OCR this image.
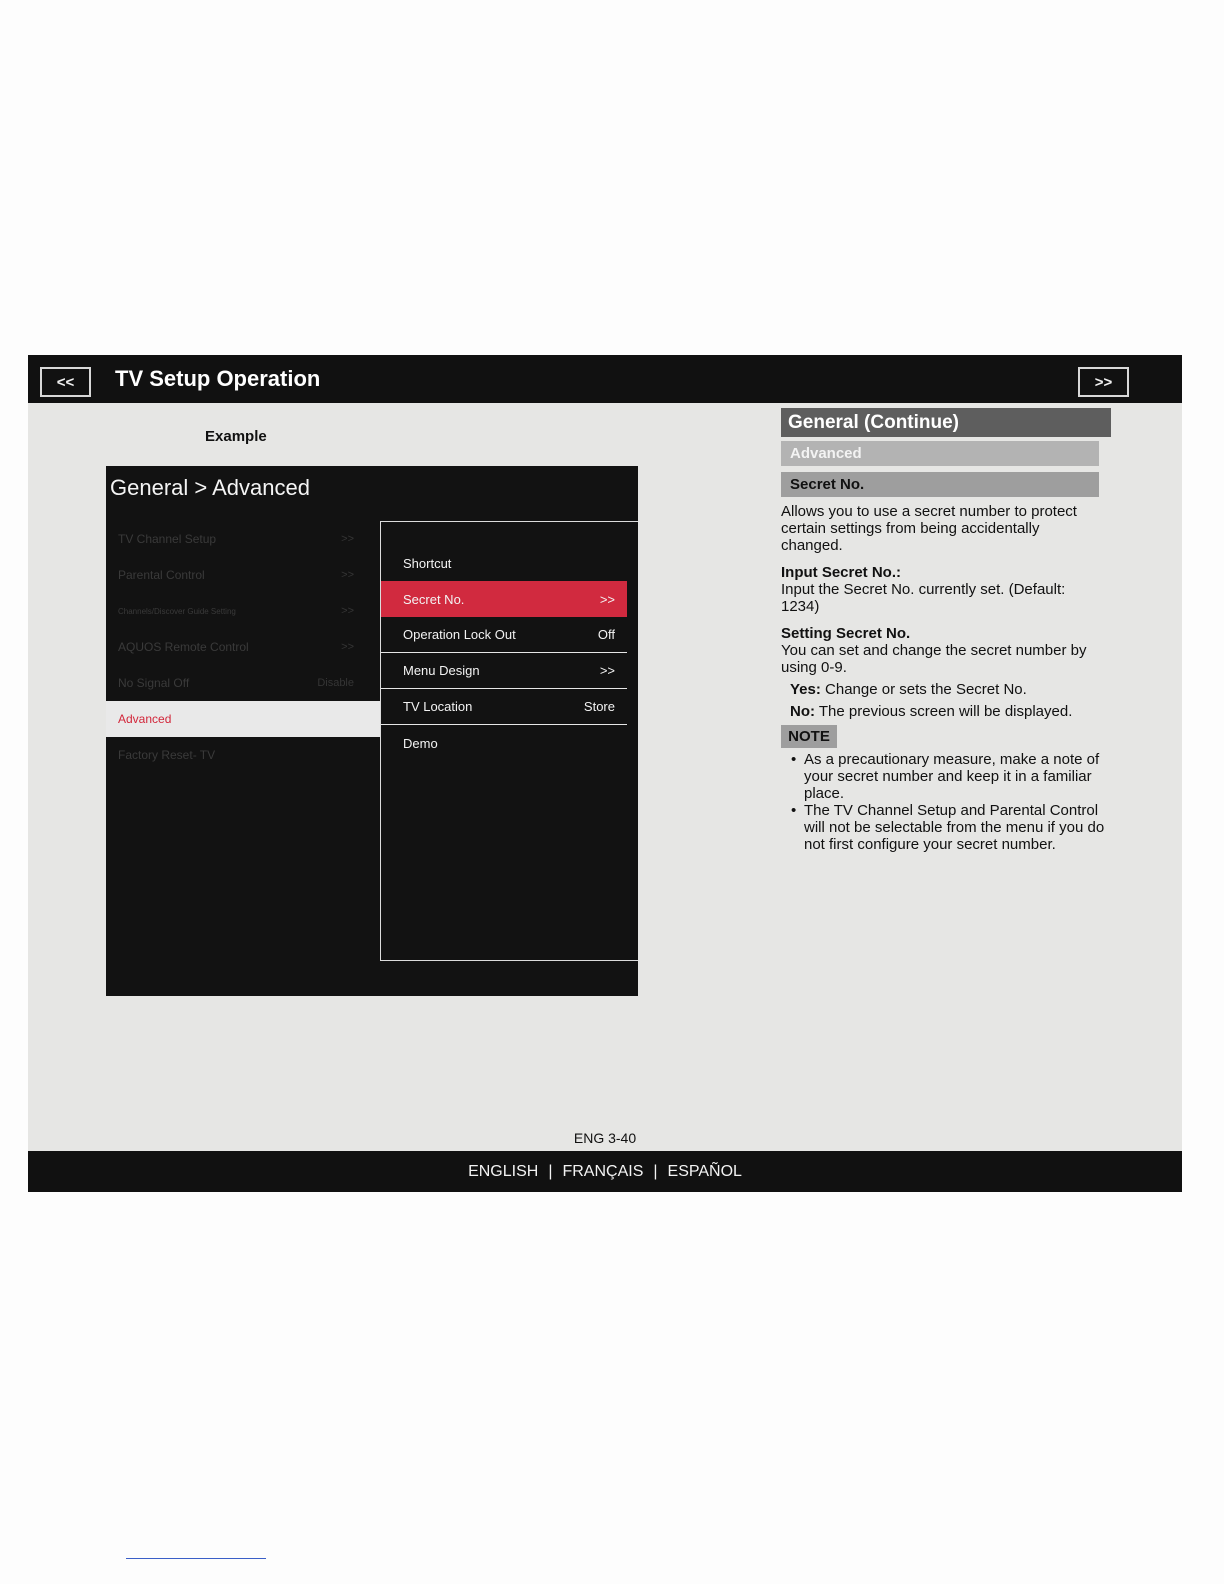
<<	TV Setup Operation	>>
Example
General > Advanced
TV Channel Setup	>>
Parental Control	>>
Channels/Discover Guide Setting	>>
AQUOS Remote Control	>>
No Signal Off	Disable
Advanced
Factory Reset- TV
Shortcut
Secret No.	>>
Operation Lock Out	Off
Menu Design	>>
TV Location	Store
Demo
General (Continue)
Advanced
Secret No.
Allows you to use a secret number to protect certain settings from being accidentally changed.
Input Secret No.:
Input the Secret No. currently set. (Default: 1234)
Setting Secret No.
You can set and change the secret number by using 0-9.
Yes: Change or sets the Secret No.
No: The previous screen will be displayed.
NOTE
• As a precautionary measure, make a note of your secret number and keep it in a familiar place.
• The TV Channel Setup and Parental Control will not be selectable from the menu if you do not first configure your secret number.
ENG 3-40
ENGLISH | FRANÇAIS | ESPAÑOL
